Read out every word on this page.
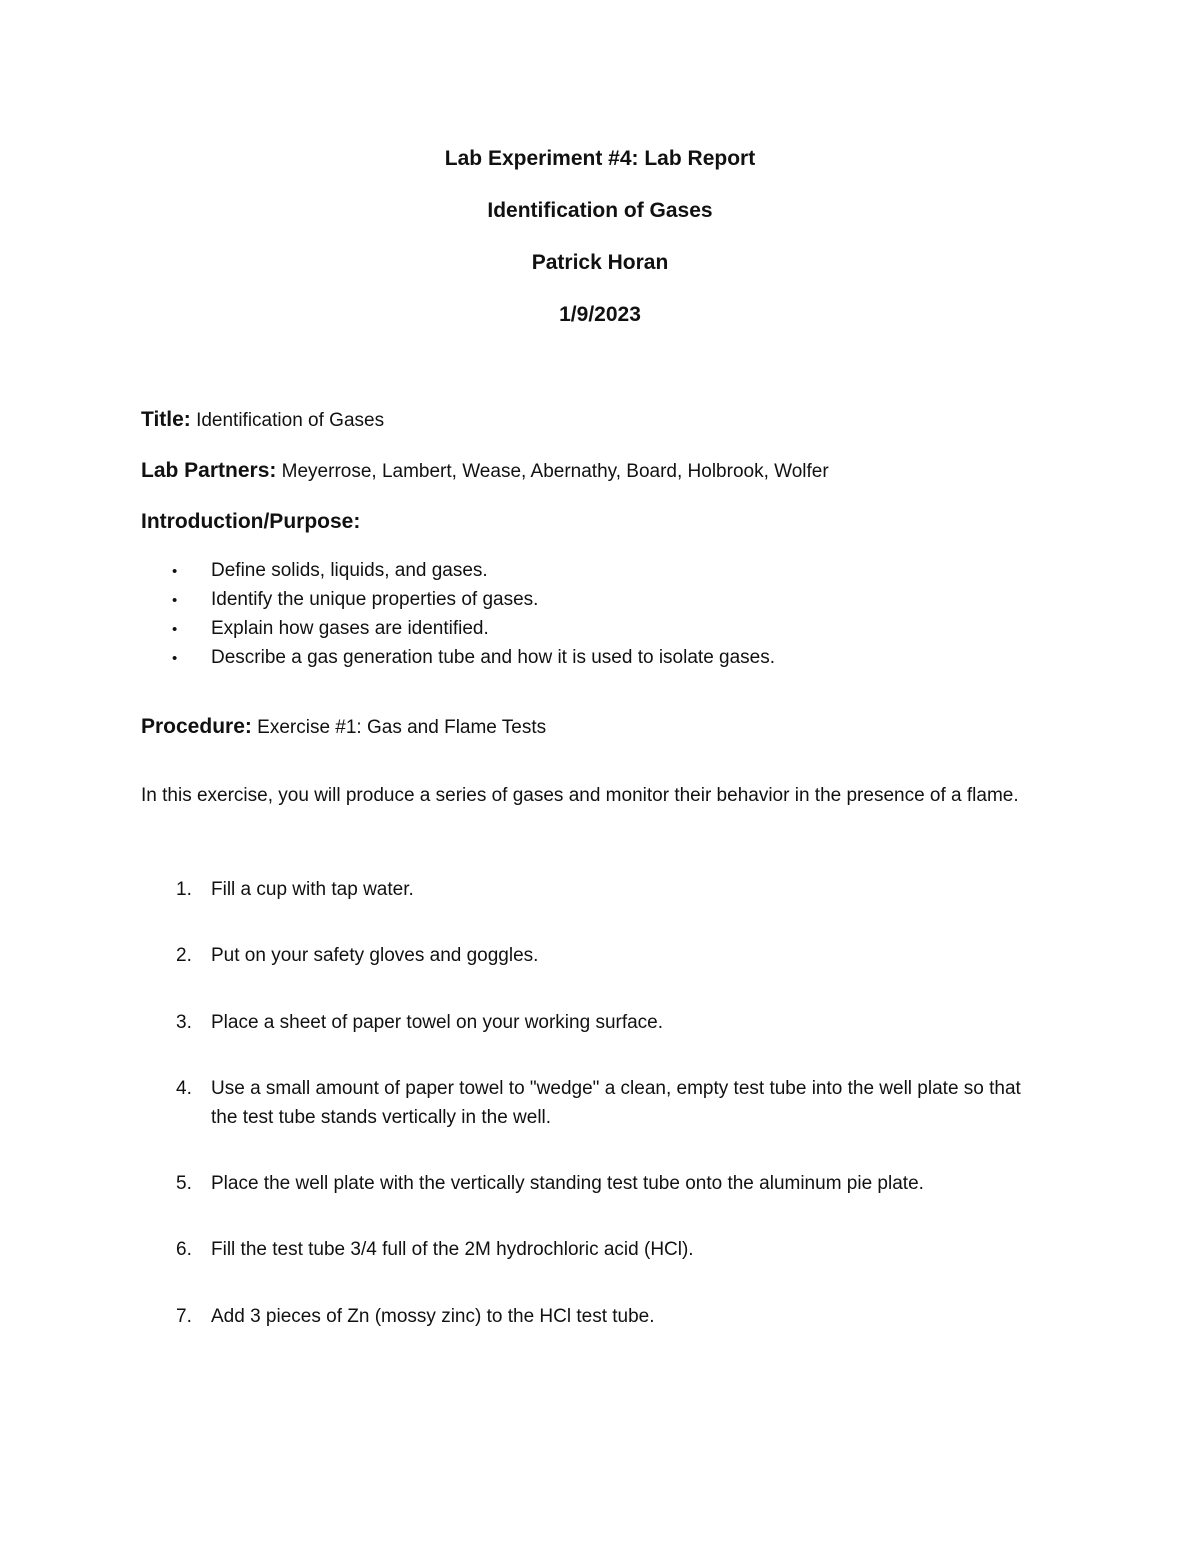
Lab Experiment #4: Lab Report
Identification of Gases
Patrick Horan
1/9/2023
Title: Identification of Gases
Lab Partners: Meyerrose, Lambert, Wease, Abernathy, Board, Holbrook, Wolfer
Introduction/Purpose:
• Define solids, liquids, and gases.
• Identify the unique properties of gases.
• Explain how gases are identified.
• Describe a gas generation tube and how it is used to isolate gases.
Procedure: Exercise #1: Gas and Flame Tests
In this exercise, you will produce a series of gases and monitor their behavior in the presence of a flame.
1.	Fill a cup with tap water.
2.	Put on your safety gloves and goggles.
3.	Place a sheet of paper towel on your working surface.
4.	Use a small amount of paper towel to "wedge" a clean, empty test tube into the well plate so that the test tube stands vertically in the well.
5.	Place the well plate with the vertically standing test tube onto the aluminum pie plate.
6.	Fill the test tube 3/4 full of the 2M hydrochloric acid (HCl).
7.	Add 3 pieces of Zn (mossy zinc) to the HCl test tube.
